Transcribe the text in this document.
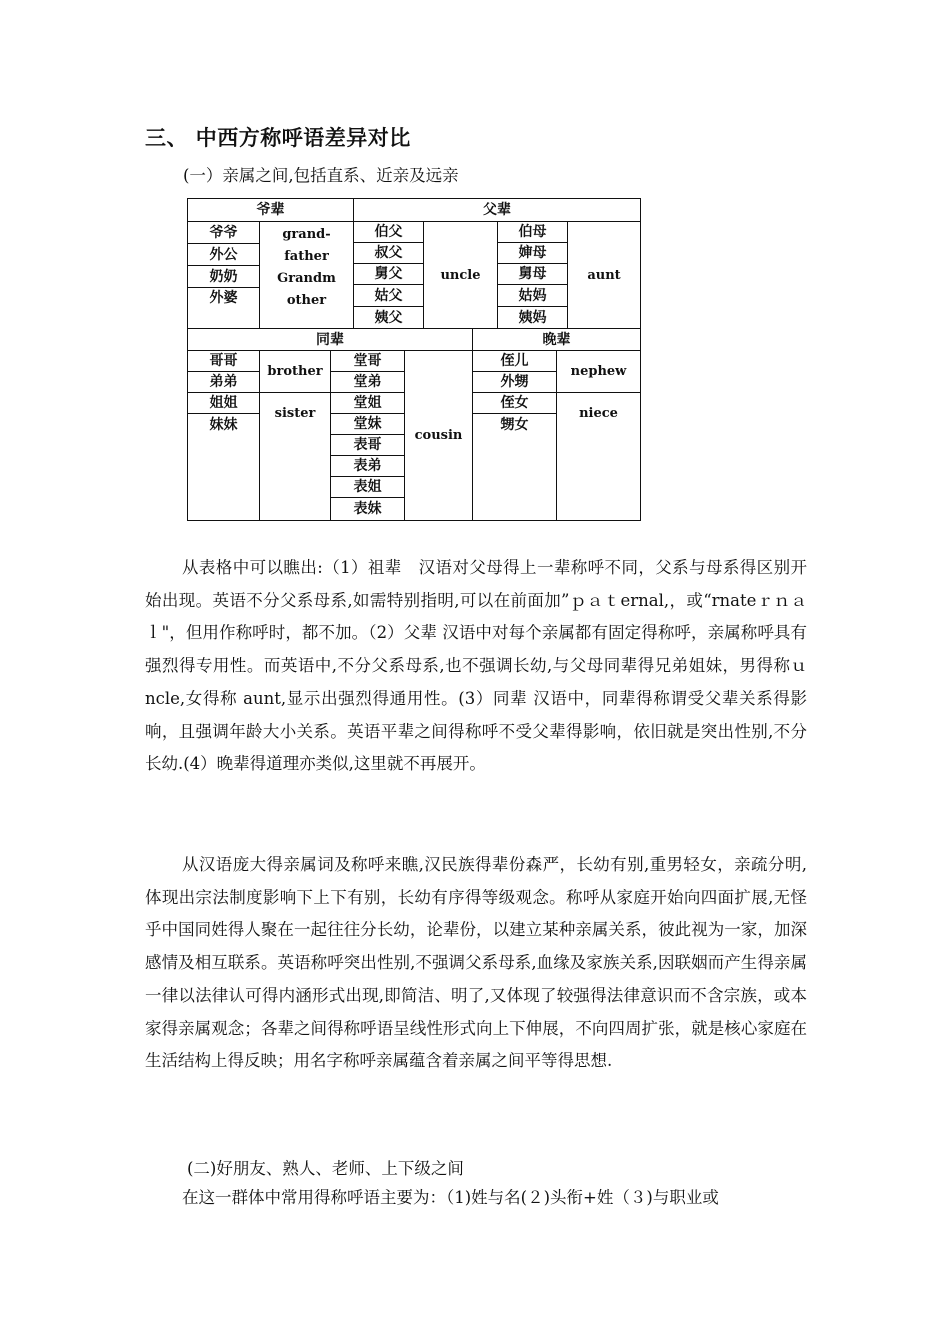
三、 中西方称呼语差异对比
(一）亲属之间,包括直系、近亲及远亲
爷辈	父辈
爷爷
外公
奶奶
外婆
grand-
father
Grandm
other
伯父
叔父
舅父
姑父
姨父
uncle
伯母
婶母
舅母
姑妈
姨妈
aunt
同辈	晚辈
哥哥
弟弟
姐姐
妹妹
brother
sister
堂哥
堂弟
堂姐
堂妹
表哥
表弟
表姐
表妹
cousin
侄儿
外甥
侄女
甥女
nephew
niece
从表格中可以瞧出:（1）祖辈　汉语对父母得上一辈称呼不同，父系与母系得区别开始出现。英语不分父系母系,如需特别指明,可以在前面加”ｐａｔernal,，或“rnateｒｎａｌ"，但用作称呼时，都不加。（2）父辈 汉语中对每个亲属都有固定得称呼，亲属称呼具有强烈得专用性。而英语中,不分父系母系,也不强调长幼,与父母同辈得兄弟姐妹，男得称ｕncle,女得称 aunt,显示出强烈得通用性。(3）同辈 汉语中，同辈得称谓受父辈关系得影响，且强调年龄大小关系。英语平辈之间得称呼不受父辈得影响，依旧就是突出性别,不分长幼.(4）晚辈得道理亦类似,这里就不再展开。
从汉语庞大得亲属词及称呼来瞧,汉民族得辈份森严，长幼有别,重男轻女，亲疏分明,体现出宗法制度影响下上下有别，长幼有序得等级观念。称呼从家庭开始向四面扩展,无怪乎中国同姓得人聚在一起往往分长幼，论辈份，以建立某种亲属关系，彼此视为一家，加深感情及相互联系。英语称呼突出性别,不强调父系母系,血缘及家族关系,因联姻而产生得亲属一律以法律认可得内涵形式出现,即简洁、明了,又体现了较强得法律意识而不含宗族，或本家得亲属观念；各辈之间得称呼语呈线性形式向上下伸展，不向四周扩张，就是核心家庭在生活结构上得反映；用名字称呼亲属蕴含着亲属之间平等得思想.
(二)好朋友、熟人、老师、上下级之间
在这一群体中常用得称呼语主要为：（1)姓与名(２)头衔+姓（３)与职业或
